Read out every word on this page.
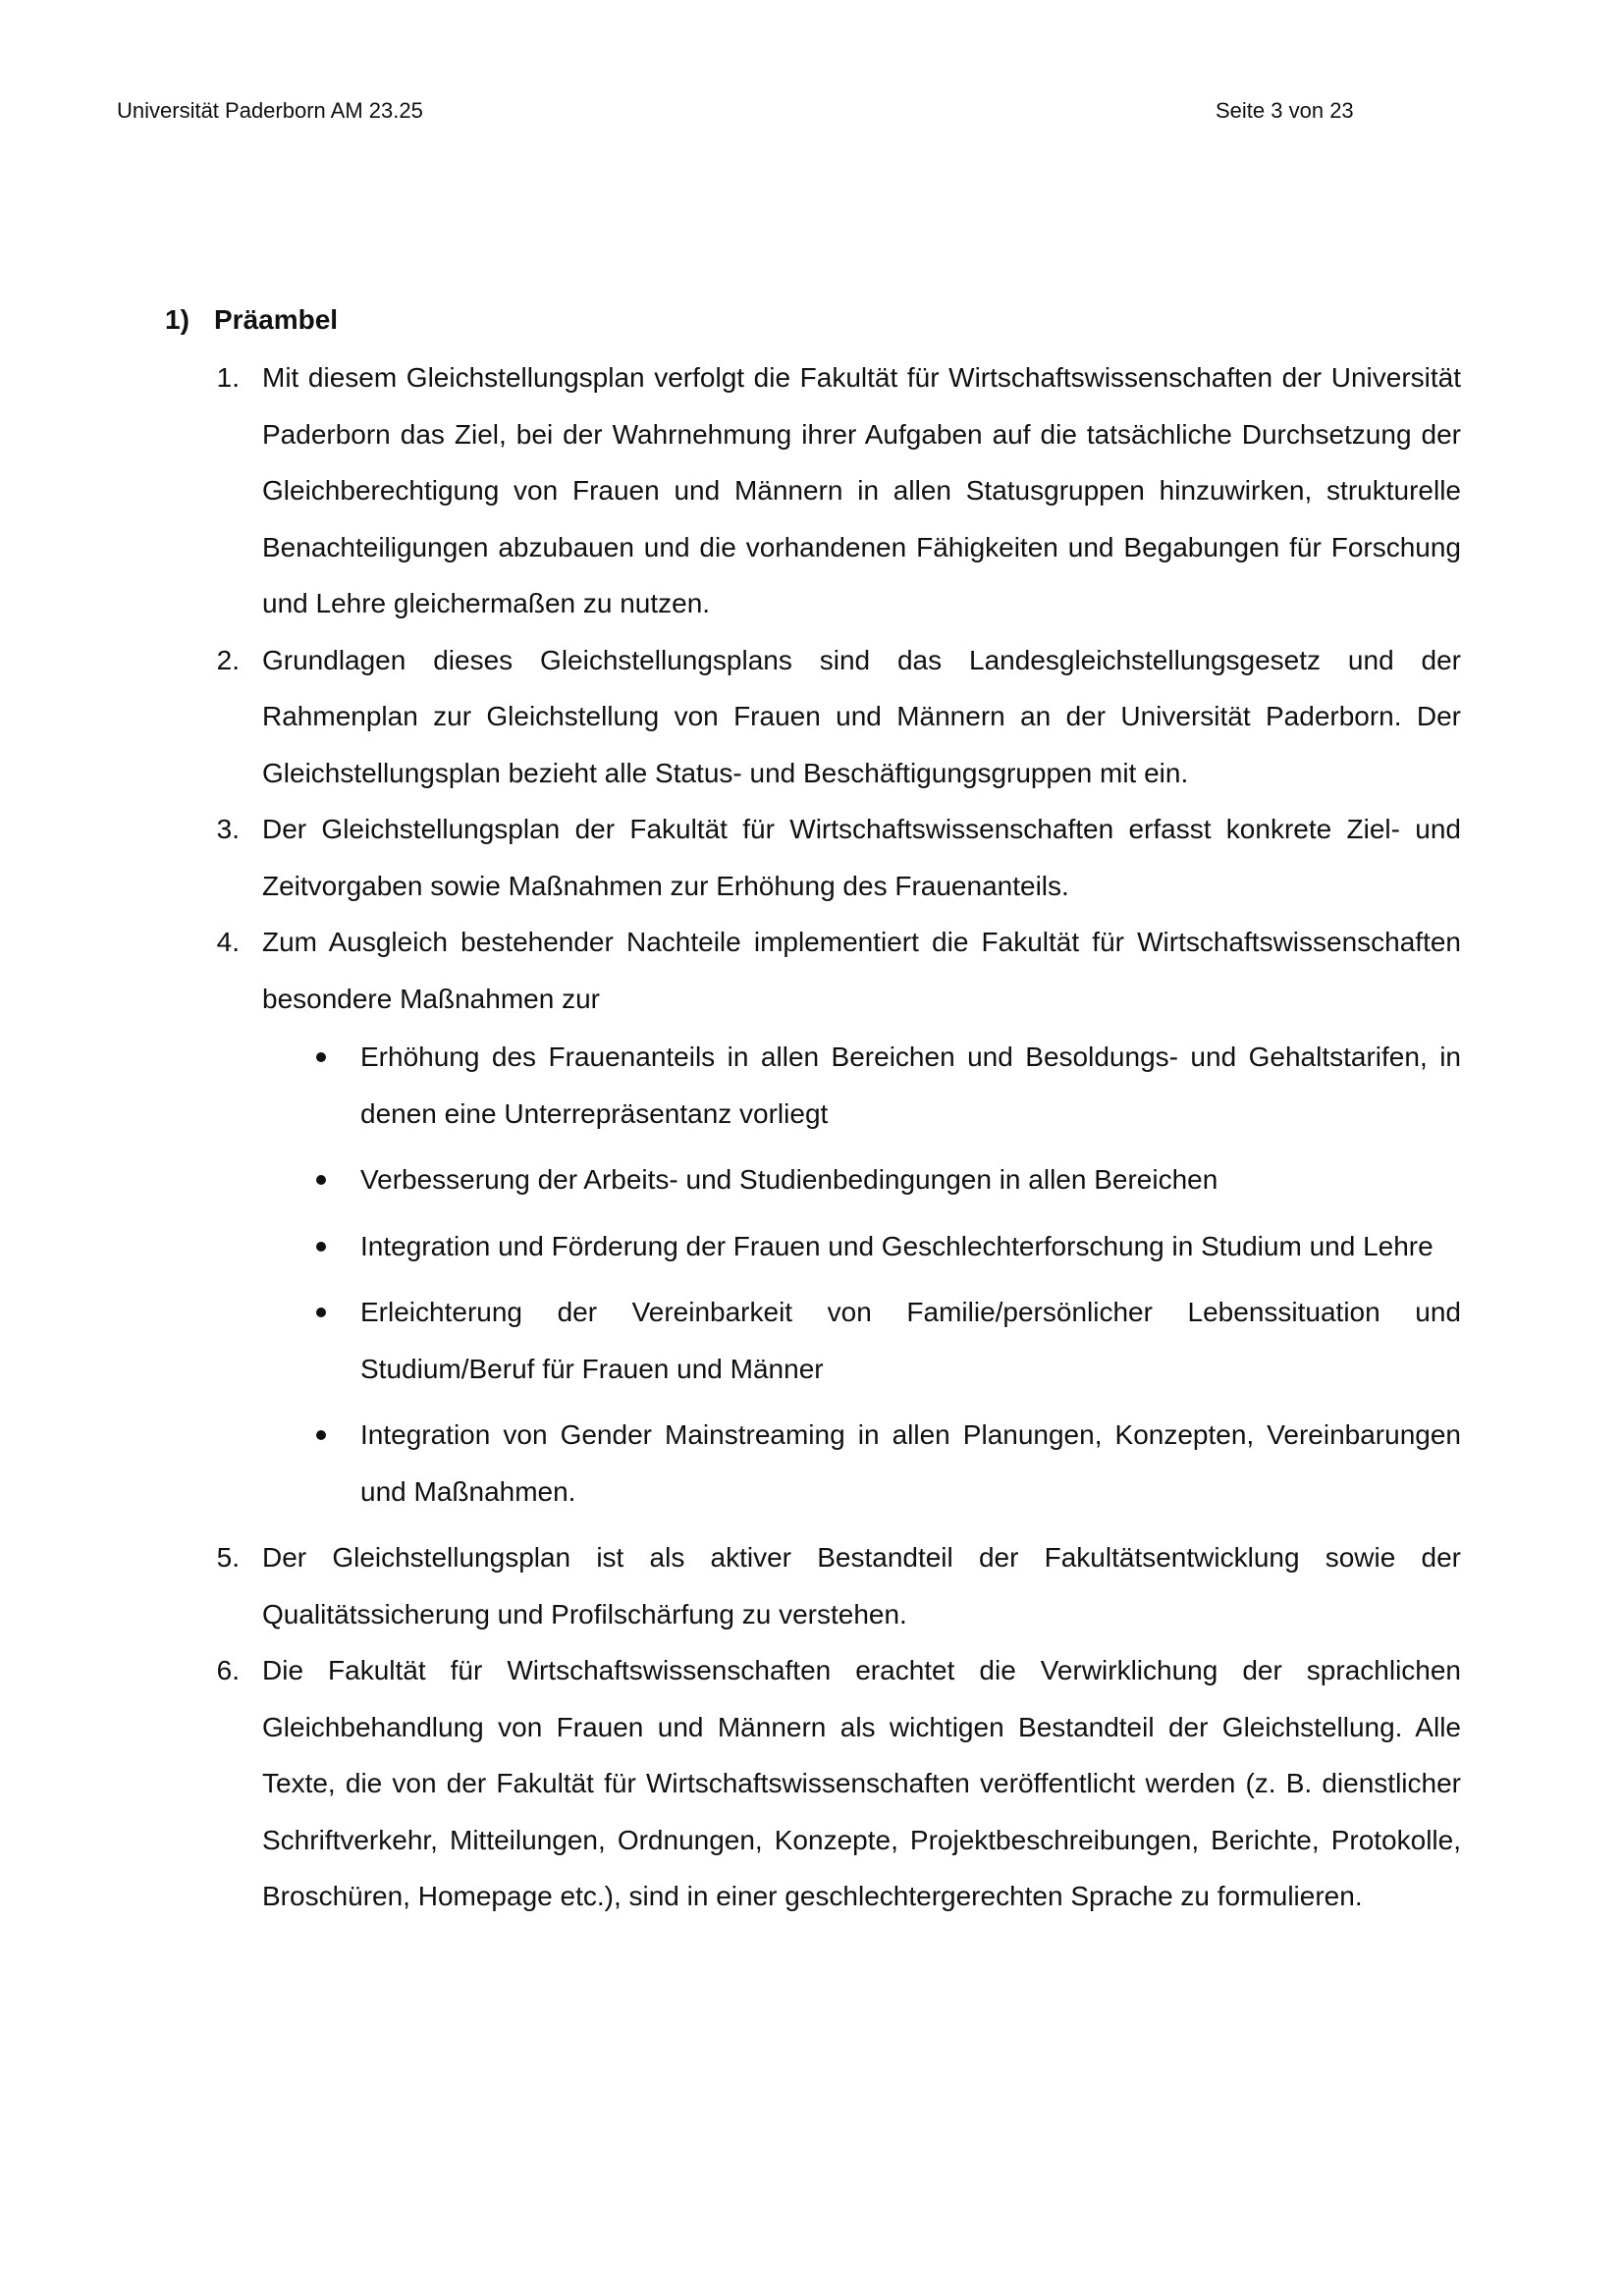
Universität Paderborn AM 23.25	Seite 3 von 23
1) Präambel
1. Mit diesem Gleichstellungsplan verfolgt die Fakultät für Wirtschaftswissenschaften der Universität Paderborn das Ziel, bei der Wahrnehmung ihrer Aufgaben auf die tatsächliche Durchsetzung der Gleichberechtigung von Frauen und Männern in allen Statusgruppen hinzuwirken, strukturelle Benachteiligungen abzubauen und die vorhandenen Fähigkeiten und Begabungen für Forschung und Lehre gleichermaßen zu nutzen.

2. Grundlagen dieses Gleichstellungsplans sind das Landesgleichstellungsgesetz und der Rahmenplan zur Gleichstellung von Frauen und Männern an der Universität Paderborn. Der Gleichstellungsplan bezieht alle Status- und Beschäftigungsgruppen mit ein.

3. Der Gleichstellungsplan der Fakultät für Wirtschaftswissenschaften erfasst konkrete Ziel- und Zeitvorgaben sowie Maßnahmen zur Erhöhung des Frauenanteils.

4. Zum Ausgleich bestehender Nachteile implementiert die Fakultät für Wirtschaftswissenschaften besondere Maßnahmen zur

Erhöhung des Frauenanteils in allen Bereichen und Besoldungs- und Gehaltstarifen, in denen eine Unterrepräsentanz vorliegt
Verbesserung der Arbeits- und Studienbedingungen in allen Bereichen
Integration und Förderung der Frauen und Geschlechterforschung in Studium und Lehre
Erleichterung der Vereinbarkeit von Familie/persönlicher Lebenssituation und Studium/Beruf für Frauen und Männer
Integration von Gender Mainstreaming in allen Planungen, Konzepten, Vereinbarungen und Maßnahmen.
5. Der Gleichstellungsplan ist als aktiver Bestandteil der Fakultätsentwicklung sowie der Qualitätssicherung und Profilschärfung zu verstehen.

6. Die Fakultät für Wirtschaftswissenschaften erachtet die Verwirklichung der sprachlichen Gleichbehandlung von Frauen und Männern als wichtigen Bestandteil der Gleichstellung. Alle Texte, die von der Fakultät für Wirtschaftswissenschaften veröffentlicht werden (z. B. dienstlicher Schriftverkehr, Mitteilungen, Ordnungen, Konzepte, Projektbeschreibungen, Berichte, Protokolle, Broschüren, Homepage etc.), sind in einer geschlechtergerechten Sprache zu formulieren.
